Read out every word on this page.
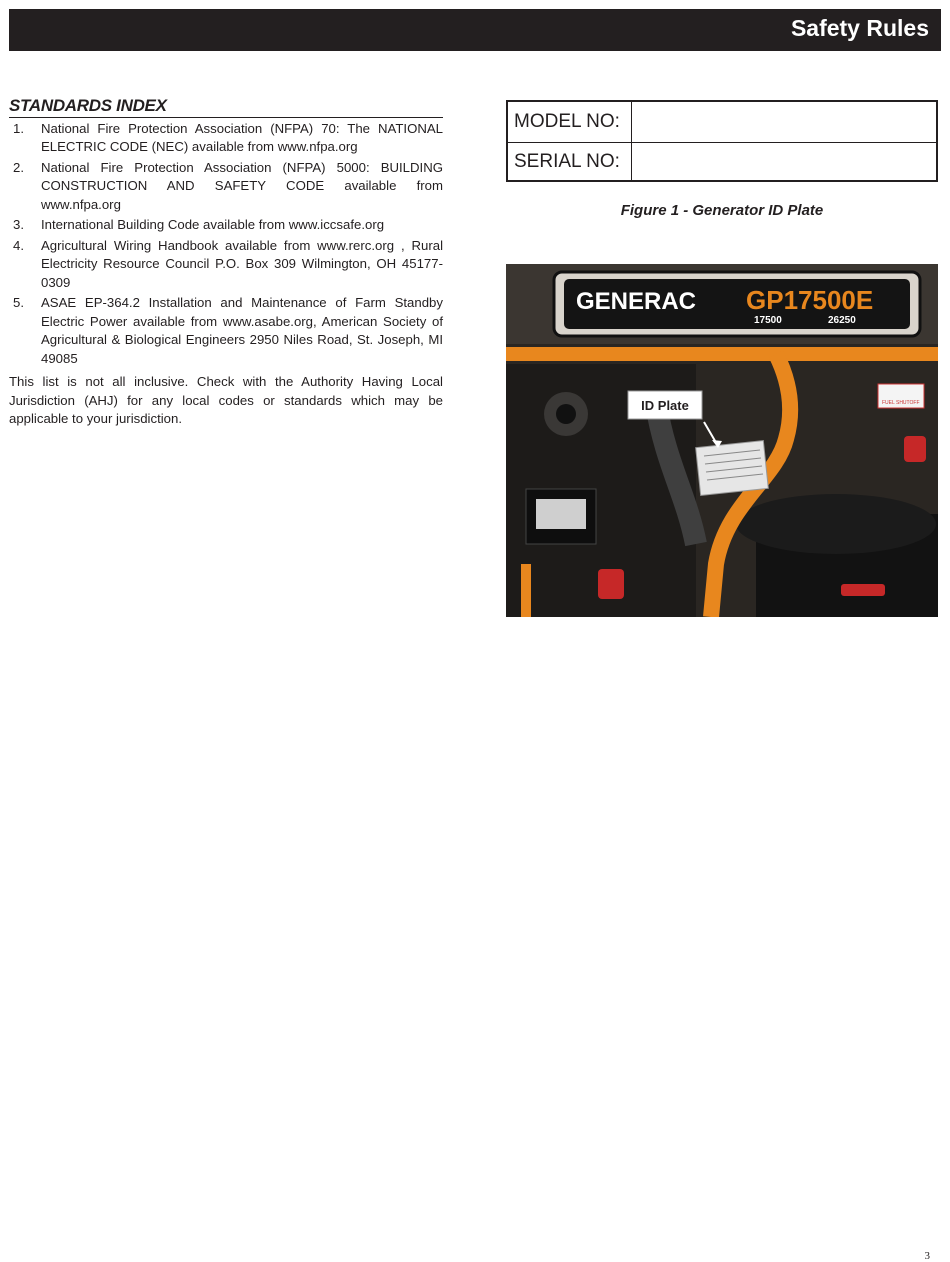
Safety Rules
STANDARDS INDEX
1. National Fire Protection Association (NFPA) 70: The NATIONAL ELECTRIC CODE (NEC) available from www.nfpa.org
2. National Fire Protection Association (NFPA) 5000: BUILDING CONSTRUCTION AND SAFETY CODE available from www.nfpa.org
3. International Building Code available from www.iccsafe.org
4. Agricultural Wiring Handbook available from www.rerc.org , Rural Electricity Resource Council P.O. Box 309 Wilmington, OH 45177-0309
5. ASAE EP-364.2 Installation and Maintenance of Farm Standby Electric Power available from www.asabe.org, American Society of Agricultural & Biological Engineers 2950 Niles Road, St. Joseph, MI 49085
This list is not all inclusive. Check with the Authority Having Local Jurisdiction (AHJ) for any local codes or standards which may be applicable to your jurisdiction.
MODEL NO:
SERIAL NO:
Figure 1 - Generator ID Plate
GENERAC GP17500E
17500	26250
FUEL SHUTOFF
ID Plate
3
